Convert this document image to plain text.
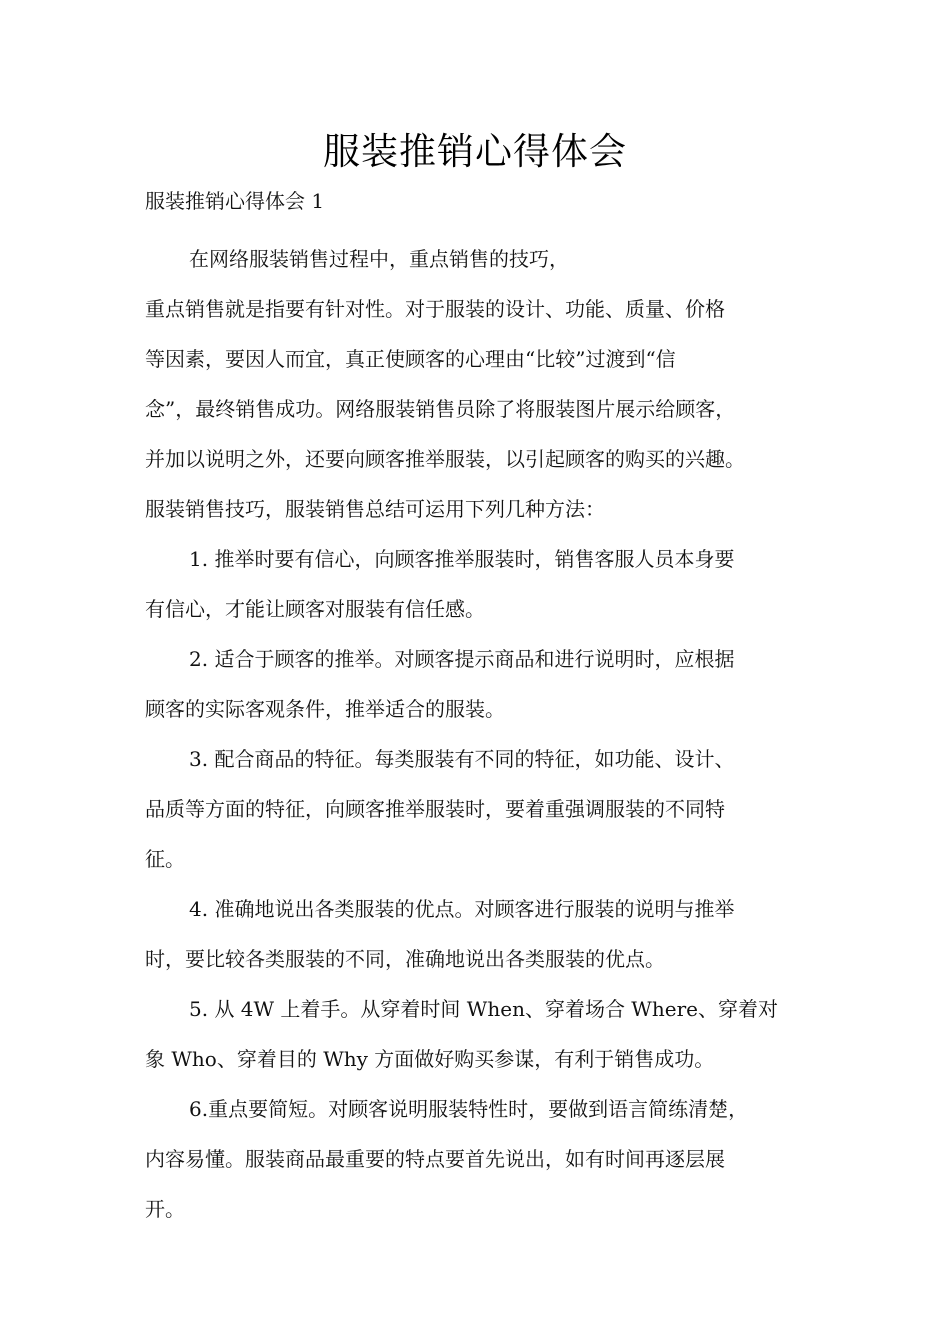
服装推销心得体会
服装推销心得体会 1

在网络服装销售过程中，重点销售的技巧，
重点销售就是指要有针对性。对于服装的设计、功能、质量、价格
等因素，要因人而宜，真正使顾客的心理由“比较”过渡到“信
念”，最终销售成功。网络服装销售员除了将服装图片展示给顾客，
并加以说明之外，还要向顾客推举服装，以引起顾客的购买的兴趣。
服装销售技巧，服装销售总结可运用下列几种方法：

1. 推举时要有信心，向顾客推举服装时，销售客服人员本身要
有信心，才能让顾客对服装有信任感。

2. 适合于顾客的推举。对顾客提示商品和进行说明时，应根据
顾客的实际客观条件，推举适合的服装。

3. 配合商品的特征。每类服装有不同的特征，如功能、设计、
品质等方面的特征，向顾客推举服装时，要着重强调服装的不同特
征。

4. 准确地说出各类服装的优点。对顾客进行服装的说明与推举
时，要比较各类服装的不同，准确地说出各类服装的优点。

5. 从 4W 上着手。从穿着时间 When、穿着场合 Where、穿着对
象 Who、穿着目的 Why 方面做好购买参谋，有利于销售成功。

6.重点要简短。对顾客说明服装特性时，要做到语言简练清楚，
内容易懂。服装商品最重要的特点要首先说出，如有时间再逐层展
开。
